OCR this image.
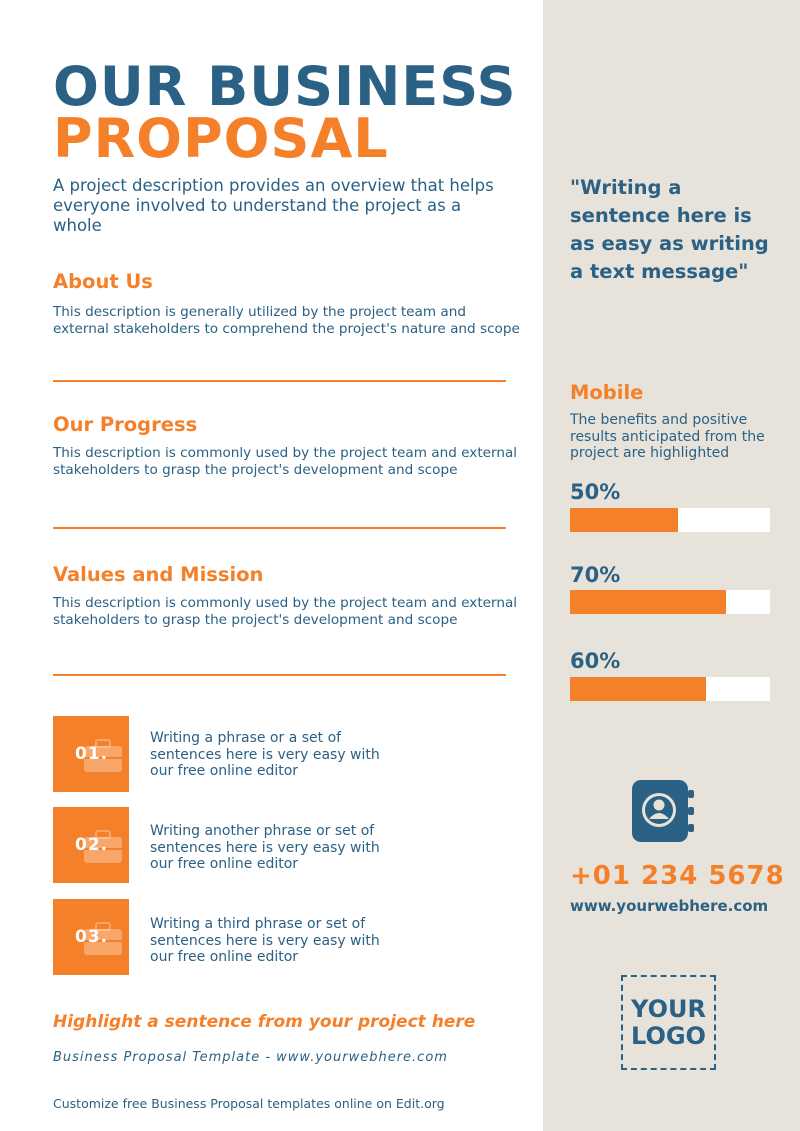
OUR BUSINESS
PROPOSAL
A project description provides an overview that helps everyone involved to understand the project as a whole
About Us
This description is generally utilized by the project team and external stakeholders to comprehend the project's nature and scope
Our Progress
This description is commonly used by the project team and external stakeholders to grasp the project's development and scope
Values and Mission
This description is commonly used by the project team and external stakeholders to grasp the project's development and scope
01.
Writing a phrase or a set of sentences here is very easy with our free online editor
02.
Writing another phrase or set of sentences here is very easy with our free online editor
03.
Writing a third phrase or set of sentences here is very easy with our free online editor
Highlight a sentence from your project here
Business Proposal Template - www.yourwebhere.com
Customize free Business Proposal templates online on Edit.org
"Writing a sentence here is as easy as writing a text message"
Mobile
The benefits and positive results anticipated from the project are highlighted
50%
70%
60%
+01 234 5678
www.yourwebhere.com
YOUR
LOGO
